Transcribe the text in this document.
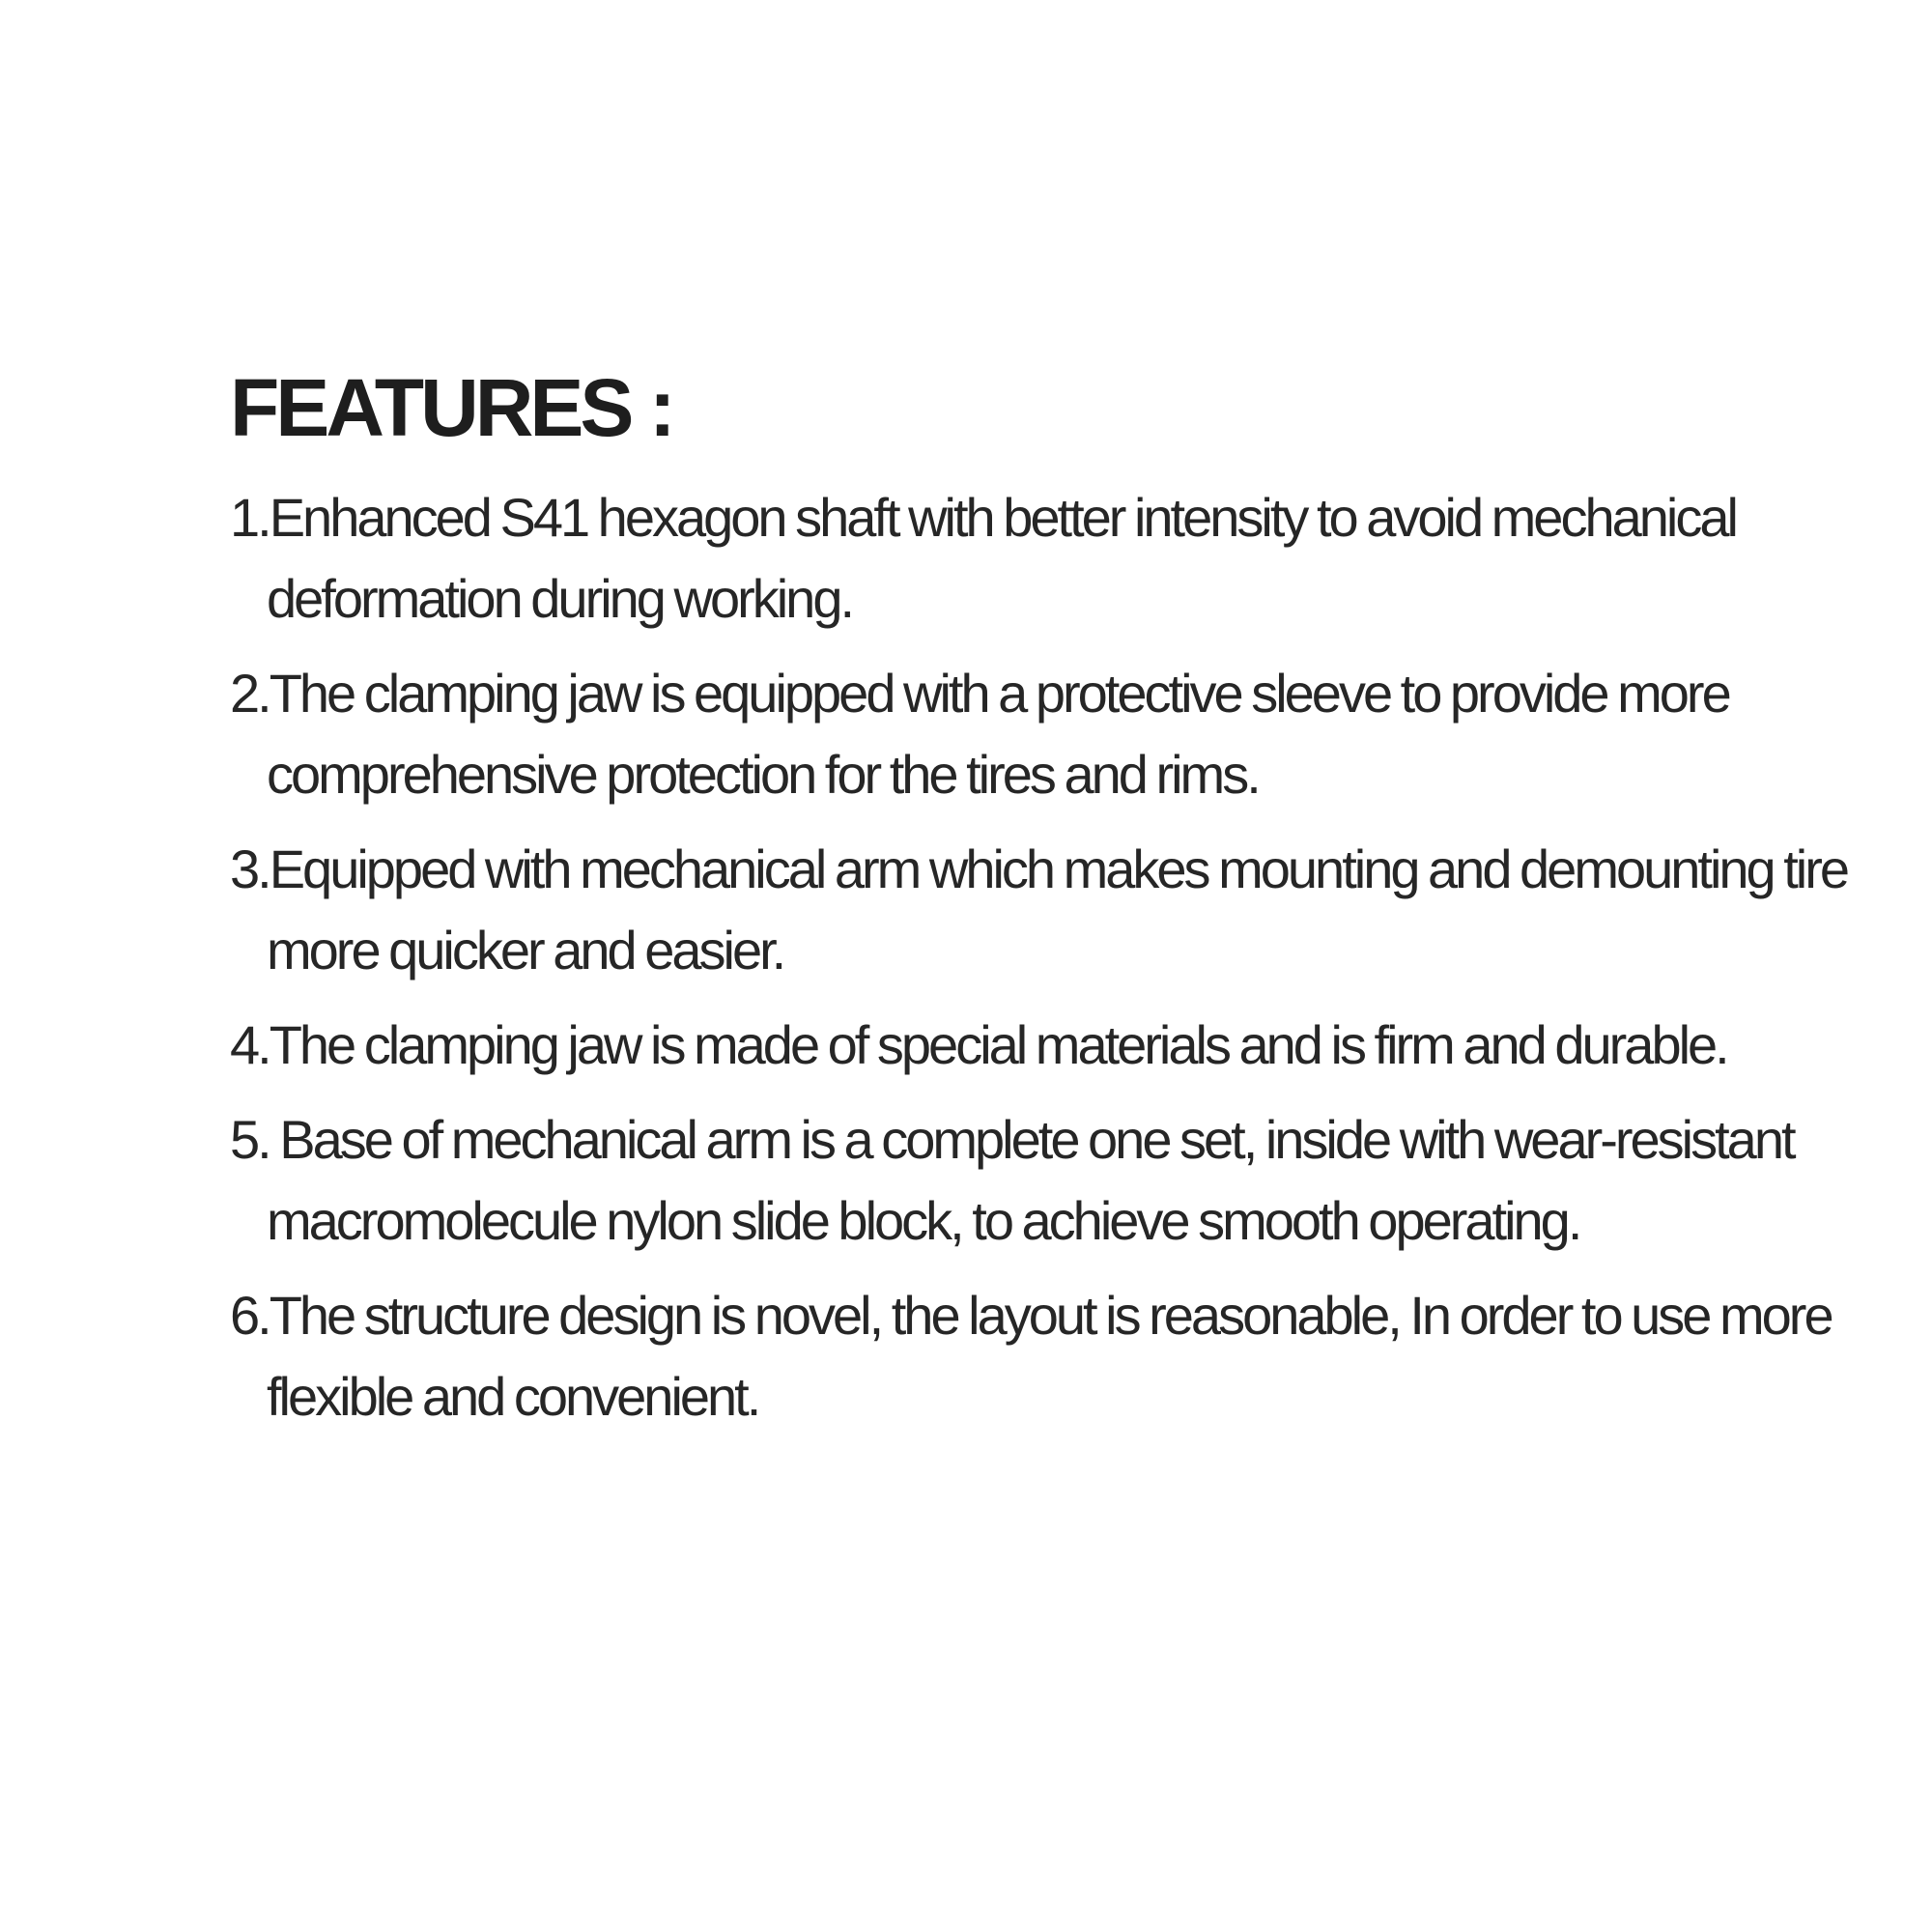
FEATURES :
1.Enhanced S41 hexagon shaft with better intensity to avoid mechanical
deformation during working.
2.The clamping jaw is equipped with a protective sleeve to provide more
comprehensive protection for the tires and rims.
3.Equipped with mechanical arm which makes mounting and demounting tire
more quicker and easier.
4.The clamping jaw is made of special materials and is firm and durable.
5. Base of mechanical arm is a complete one set, inside with wear-resistant
macromolecule nylon slide block, to achieve smooth operating.
6.The structure design is novel, the layout is reasonable, In order to use more
flexible and convenient.
